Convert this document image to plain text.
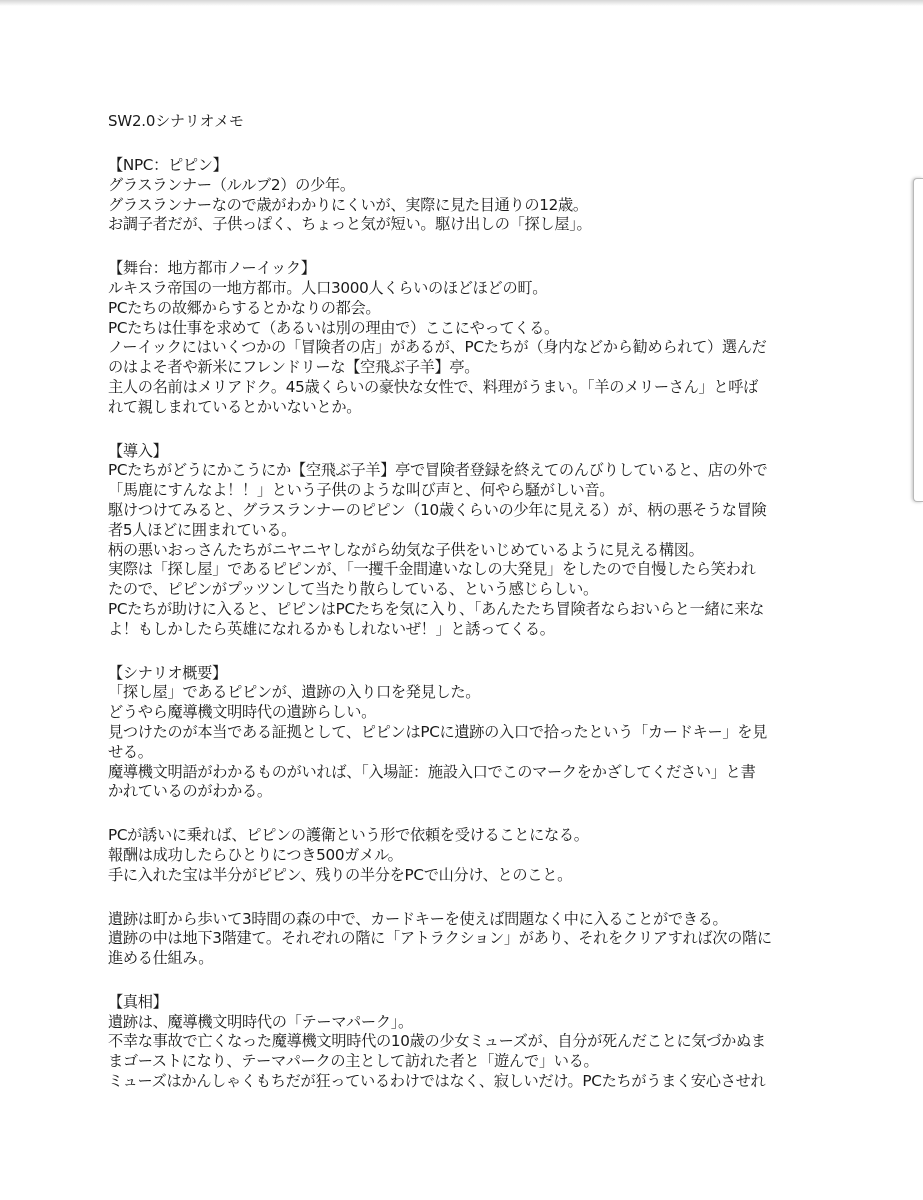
SW2.0シナリオメモ
【NPC：ピピン】
グラスランナー（ルルブ2）の少年。
グラスランナーなので歳がわかりにくいが、実際に見た目通りの12歳。
お調子者だが、子供っぽく、ちょっと気が短い。駆け出しの「探し屋」。
【舞台：地方都市ノーイック】
ルキスラ帝国の一地方都市。人口3000人くらいのほどほどの町。
PCたちの故郷からするとかなりの都会。
PCたちは仕事を求めて（あるいは別の理由で）ここにやってくる。
ノーイックにはいくつかの「冒険者の店」があるが、PCたちが（身内などから勧められて）選んだ
のはよそ者や新米にフレンドリーな【空飛ぶ子羊】亭。
主人の名前はメリアドク。45歳くらいの豪快な女性で、料理がうまい。「羊のメリーさん」と呼ば
れて親しまれているとかいないとか。
【導入】
PCたちがどうにかこうにか【空飛ぶ子羊】亭で冒険者登録を終えてのんびりしていると、店の外で
「馬鹿にすんなよ！！」という子供のような叫び声と、何やら騒がしい音。
駆けつけてみると、グラスランナーのピピン（10歳くらいの少年に見える）が、柄の悪そうな冒険
者5人ほどに囲まれている。
柄の悪いおっさんたちがニヤニヤしながら幼気な子供をいじめているように見える構図。
実際は「探し屋」であるピピンが、「一攫千金間違いなしの大発見」をしたので自慢したら笑われ
たので、ピピンがプッツンして当たり散らしている、という感じらしい。
PCたちが助けに入ると、ピピンはPCたちを気に入り、「あんたたち冒険者ならおいらと一緒に来な
よ！もしかしたら英雄になれるかもしれないぜ！」と誘ってくる。
【シナリオ概要】
「探し屋」であるピピンが、遺跡の入り口を発見した。
どうやら魔導機文明時代の遺跡らしい。
見つけたのが本当である証拠として、ピピンはPCに遺跡の入口で拾ったという「カードキー」を見
せる。
魔導機文明語がわかるものがいれば、「入場証：施設入口でこのマークをかざしてください」と書
かれているのがわかる。
PCが誘いに乗れば、ピピンの護衛という形で依頼を受けることになる。
報酬は成功したらひとりにつき500ガメル。
手に入れた宝は半分がピピン、残りの半分をPCで山分け、とのこと。
遺跡は町から歩いて3時間の森の中で、カードキーを使えば問題なく中に入ることができる。
遺跡の中は地下3階建て。それぞれの階に「アトラクション」があり、それをクリアすれば次の階に
進める仕組み。
【真相】
遺跡は、魔導機文明時代の「テーマパーク」。
不幸な事故で亡くなった魔導機文明時代の10歳の少女ミューズが、自分が死んだことに気づかぬま
まゴーストになり、テーマパークの主として訪れた者と「遊んで」いる。
ミューズはかんしゃくもちだが狂っているわけではなく、寂しいだけ。PCたちがうまく安心させれ
